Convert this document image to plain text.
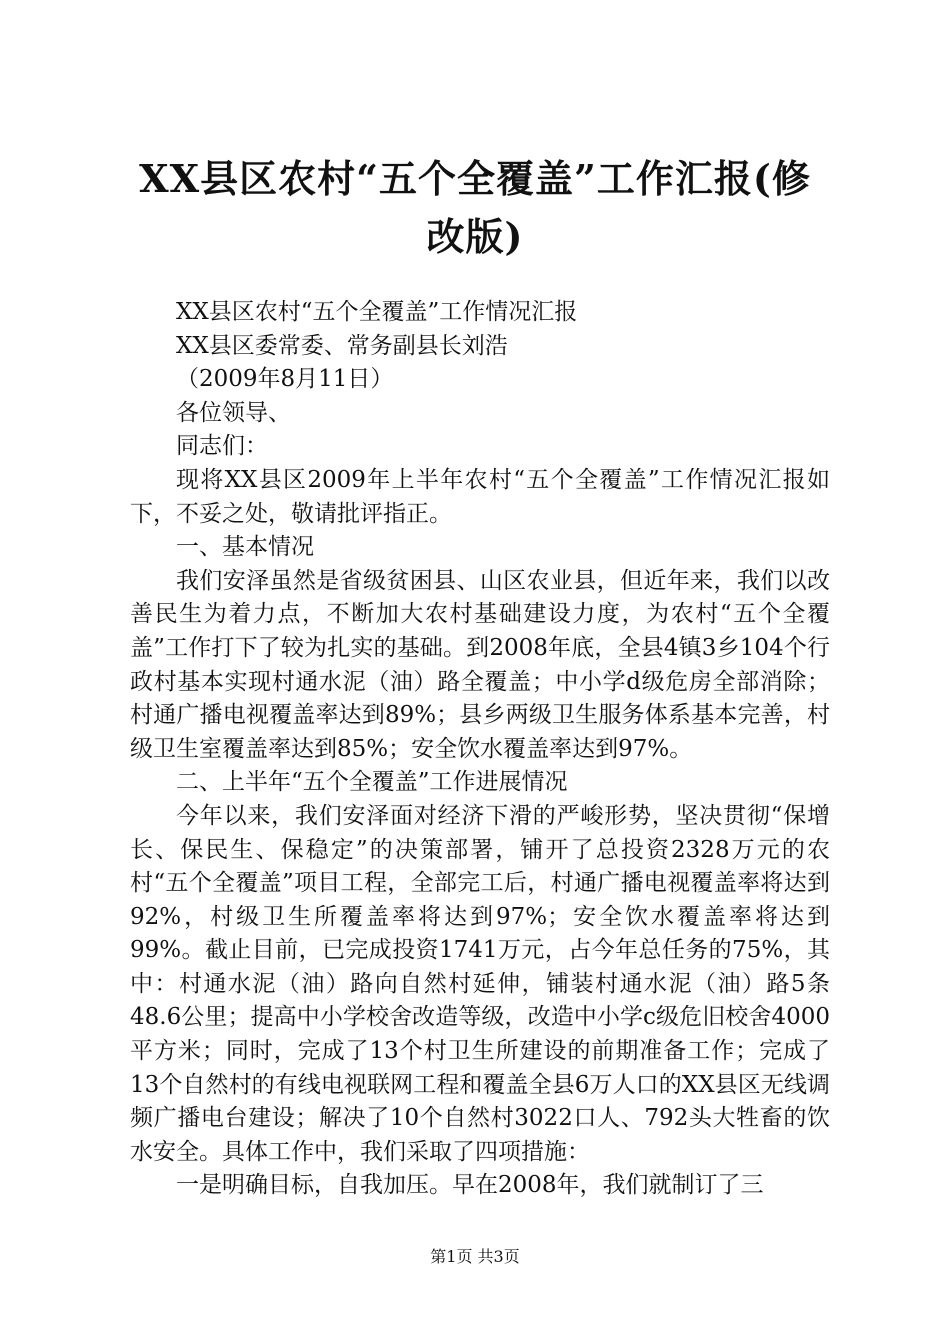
XX县区农村“五个全覆盖”工作汇报(修改版)

XX县区农村“五个全覆盖”工作情况汇报

XX县区委常委、常务副县长刘浩

（2009年8月11日）

各位领导、

同志们：

现将XX县区2009年上半年农村“五个全覆盖”工作情况汇报如下，不妥之处，敬请批评指正。

一、基本情况

我们安泽虽然是省级贫困县、山区农业县，但近年来，我们以改善民生为着力点，不断加大农村基础建设力度，为农村“五个全覆盖”工作打下了较为扎实的基础。到2008年底，全县4镇3乡104个行政村基本实现村通水泥（油）路全覆盖；中小学d级危房全部消除；村通广播电视覆盖率达到89%；县乡两级卫生服务体系基本完善，村级卫生室覆盖率达到85%；安全饮水覆盖率达到97%。

二、上半年“五个全覆盖”工作进展情况

今年以来，我们安泽面对经济下滑的严峻形势，坚决贯彻“保增长、保民生、保稳定”的决策部署，铺开了总投资2328万元的农村“五个全覆盖”项目工程，全部完工后，村通广播电视覆盖率将达到92%，村级卫生所覆盖率将达到97%；安全饮水覆盖率将达到99%。截止目前，已完成投资1741万元，占今年总任务的75%，其中：村通水泥（油）路向自然村延伸，铺装村通水泥（油）路5条48.6公里；提高中小学校舍改造等级，改造中小学c级危旧校舍4000平方米；同时，完成了13个村卫生所建设的前期准备工作；完成了13个自然村的有线电视联网工程和覆盖全县6万人口的XX县区无线调频广播电台建设；解决了10个自然村3022口人、792头大牲畜的饮水安全。具体工作中，我们采取了四项措施：

一是明确目标，自我加压。早在2008年，我们就制订了三

第1页 共3页
